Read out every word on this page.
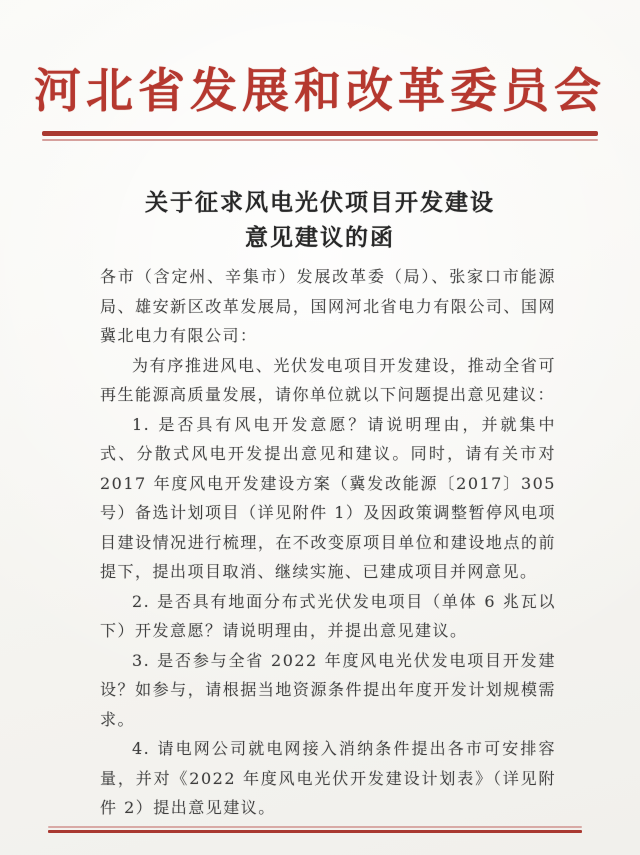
河北省发展和改革委员会
关于征求风电光伏项目开发建设
意见建议的函

各市（含定州、辛集市）发展改革委（局）、张家口市能源局、雄安新区改革发展局，国网河北省电力有限公司、国网冀北电力有限公司：

为有序推进风电、光伏发电项目开发建设，推动全省可再生能源高质量发展，请你单位就以下问题提出意见建议：

1. 是否具有风电开发意愿？请说明理由，并就集中式、分散式风电开发提出意见和建议。同时，请有关市对 2017 年度风电开发建设方案（冀发改能源〔2017〕305 号）备选计划项目（详见附件 1）及因政策调整暂停风电项目建设情况进行梳理，在不改变原项目单位和建设地点的前提下，提出项目取消、继续实施、已建成项目并网意见。

2. 是否具有地面分布式光伏发电项目（单体 6 兆瓦以下）开发意愿？请说明理由，并提出意见建议。

3. 是否参与全省 2022 年度风电光伏发电项目开发建设？如参与，请根据当地资源条件提出年度开发计划规模需求。

4. 请电网公司就电网接入消纳条件提出各市可安排容量，并对《2022 年度风电光伏开发建设计划表》（详见附件 2）提出意见建议。
